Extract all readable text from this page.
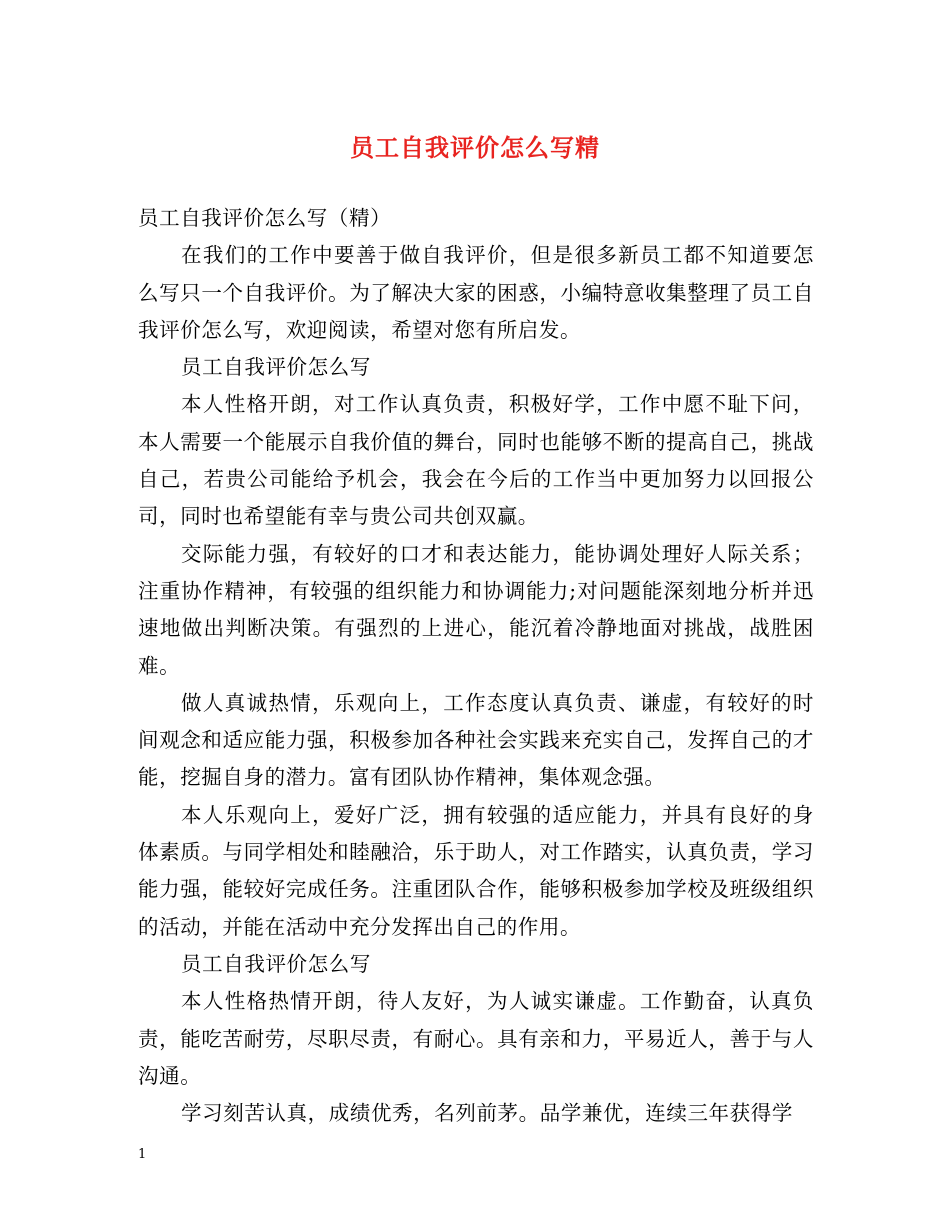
员工自我评价怎么写精

员工自我评价怎么写（精）

在我们的工作中要善于做自我评价，但是很多新员工都不知道要怎么写只一个自我评价。为了解决大家的困惑，小编特意收集整理了员工自我评价怎么写，欢迎阅读，希望对您有所启发。

员工自我评价怎么写

本人性格开朗，对工作认真负责，积极好学，工作中愿不耻下问，本人需要一个能展示自我价值的舞台，同时也能够不断的提高自己，挑战自己，若贵公司能给予机会，我会在今后的工作当中更加努力以回报公司，同时也希望能有幸与贵公司共创双赢。

交际能力强，有较好的口才和表达能力，能协调处理好人际关系；注重协作精神，有较强的组织能力和协调能力;对问题能深刻地分析并迅速地做出判断决策。有强烈的上进心，能沉着冷静地面对挑战，战胜困难。

做人真诚热情，乐观向上，工作态度认真负责、谦虚，有较好的时间观念和适应能力强，积极参加各种社会实践来充实自己，发挥自己的才能，挖掘自身的潜力。富有团队协作精神，集体观念强。

本人乐观向上，爱好广泛，拥有较强的适应能力，并具有良好的身体素质。与同学相处和睦融洽，乐于助人，对工作踏实，认真负责，学习能力强，能较好完成任务。注重团队合作，能够积极参加学校及班级组织的活动，并能在活动中充分发挥出自己的作用。

员工自我评价怎么写

本人性格热情开朗，待人友好，为人诚实谦虚。工作勤奋，认真负责，能吃苦耐劳，尽职尽责，有耐心。具有亲和力，平易近人，善于与人沟通。

学习刻苦认真，成绩优秀，名列前茅。品学兼优，连续三年获得学

1
